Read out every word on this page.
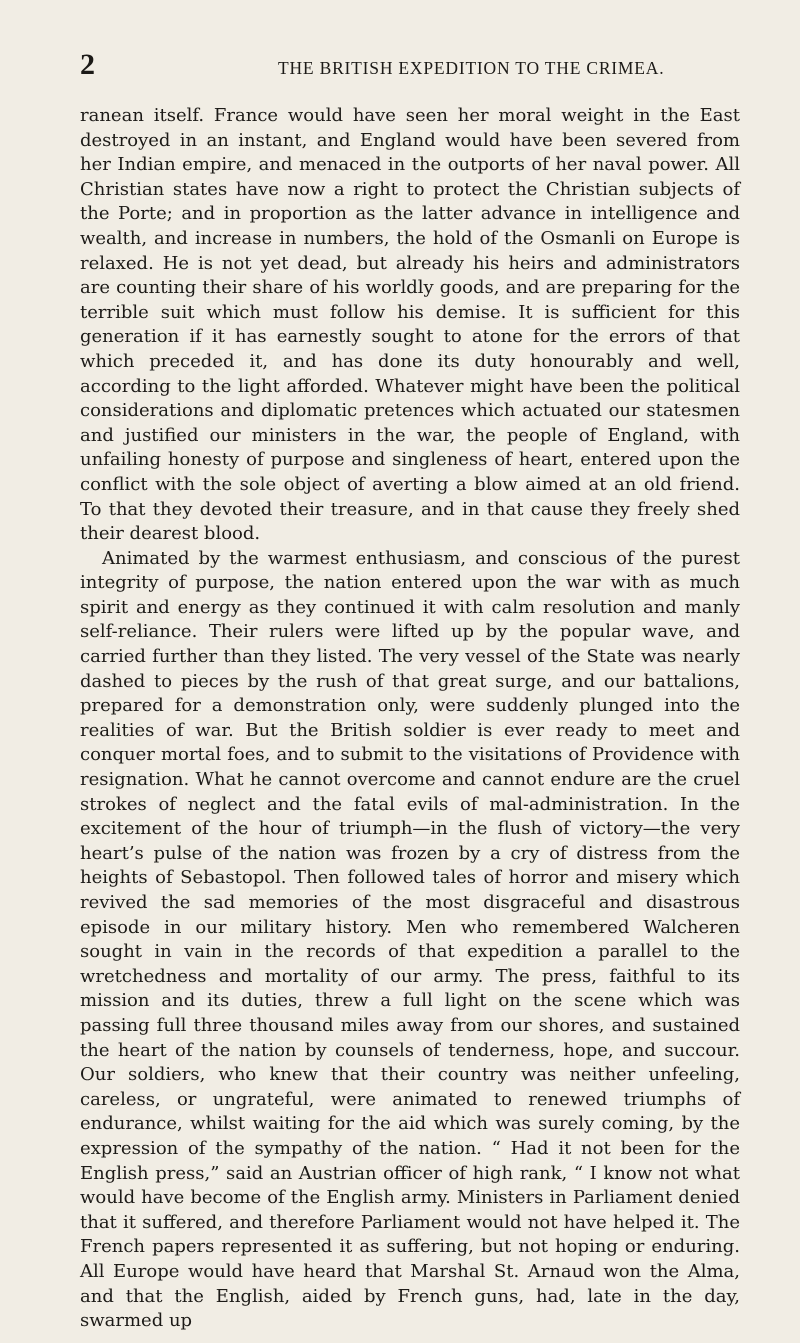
2	THE BRITISH EXPEDITION TO THE CRIMEA.

ranean itself. France would have seen her moral weight in the East destroyed in an instant, and England would have been severed from her Indian empire, and menaced in the outports of her naval power. All Christian states have now a right to protect the Christian subjects of the Porte; and in proportion as the latter advance in intelligence and wealth, and increase in numbers, the hold of the Osmanli on Europe is relaxed. He is not yet dead, but already his heirs and administrators are counting their share of his worldly goods, and are preparing for the terrible suit which must follow his demise. It is sufficient for this generation if it has earnestly sought to atone for the errors of that which preceded it, and has done its duty honourably and well, according to the light afforded. Whatever might have been the political considerations and diplomatic pretences which actuated our statesmen and justified our ministers in the war, the people of England, with unfailing honesty of purpose and singleness of heart, entered upon the conflict with the sole object of averting a blow aimed at an old friend. To that they devoted their treasure, and in that cause they freely shed their dearest blood.

Animated by the warmest enthusiasm, and conscious of the purest integrity of purpose, the nation entered upon the war with as much spirit and energy as they continued it with calm resolution and manly self-reliance. Their rulers were lifted up by the popular wave, and carried further than they listed. The very vessel of the State was nearly dashed to pieces by the rush of that great surge, and our battalions, prepared for a demonstration only, were suddenly plunged into the realities of war. But the British soldier is ever ready to meet and conquer mortal foes, and to submit to the visitations of Providence with resignation. What he cannot overcome and cannot endure are the cruel strokes of neglect and the fatal evils of mal-administration. In the excitement of the hour of triumph—in the flush of victory—the very heart’s pulse of the nation was frozen by a cry of distress from the heights of Sebastopol. Then followed tales of horror and misery which revived the sad memories of the most disgraceful and disastrous episode in our military history. Men who remembered Walcheren sought in vain in the records of that expedition a parallel to the wretchedness and mortality of our army. The press, faithful to its mission and its duties, threw a full light on the scene which was passing full three thousand miles away from our shores, and sustained the heart of the nation by counsels of tenderness, hope, and succour. Our soldiers, who knew that their country was neither unfeeling, careless, or ungrateful, were animated to renewed triumphs of endurance, whilst waiting for the aid which was surely coming, by the expression of the sympathy of the nation. “ Had it not been for the English press,” said an Austrian officer of high rank, “ I know not what would have become of the English army. Ministers in Parliament denied that it suffered, and therefore Parliament would not have helped it. The French papers represented it as suffering, but not hoping or enduring. All Europe would have heard that Marshal St. Arnaud won the Alma, and that the English, aided by French guns, had, late in the day, swarmed up
